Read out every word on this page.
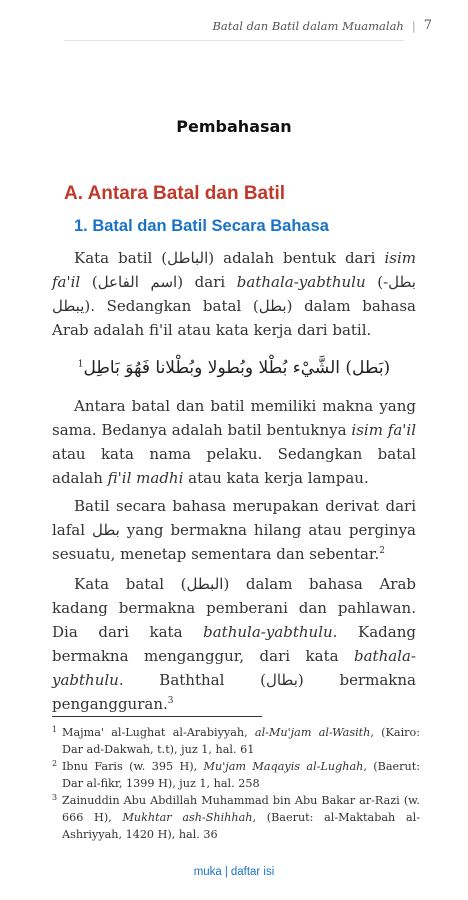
Batal dan Batil dalam Muamalah | 7
Pembahasan
A. Antara Batal dan Batil
1. Batal dan Batil Secara Bahasa
Kata batil (الباطل) adalah bentuk dari isim fa'il (اسم الفاعل) dari bathala-yabthulu (بطل-يبطل). Sedangkan batal (بطل) dalam bahasa Arab adalah fi'il atau kata kerja dari batil.
(بَطل) الشَّيْء بُطْلا وبُطولا وبُطْلانا فَهُوَ بَاطِل$^1$
Antara batal dan batil memiliki makna yang sama. Bedanya adalah batil bentuknya isim fa'il atau kata nama pelaku. Sedangkan batal adalah fi'il madhi atau kata kerja lampau.
Batil secara bahasa merupakan derivat dari lafal بطل yang bermakna hilang atau perginya sesuatu, menetap sementara dan sebentar.$^2$
Kata batal (البطل) dalam bahasa Arab kadang bermakna pemberani dan pahlawan. Dia dari kata bathula-yabthulu. Kadang bermakna menganggur, dari kata bathala-yabthulu. Baththal (بطال) bermakna pengangguran.$^3$
1 Majma' al-Lughat al-Arabiyyah, al-Mu'jam al-Wasith, (Kairo: Dar ad-Dakwah, t.t), juz 1, hal. 61
2 Ibnu Faris (w. 395 H), Mu'jam Maqayis al-Lughah, (Baerut: Dar al-fikr, 1399 H), juz 1, hal. 258
3 Zainuddin Abu Abdillah Muhammad bin Abu Bakar ar-Razi (w. 666 H), Mukhtar ash-Shihhah, (Baerut: al-Maktabah al-Ashriyyah, 1420 H), hal. 36
muka | daftar isi
